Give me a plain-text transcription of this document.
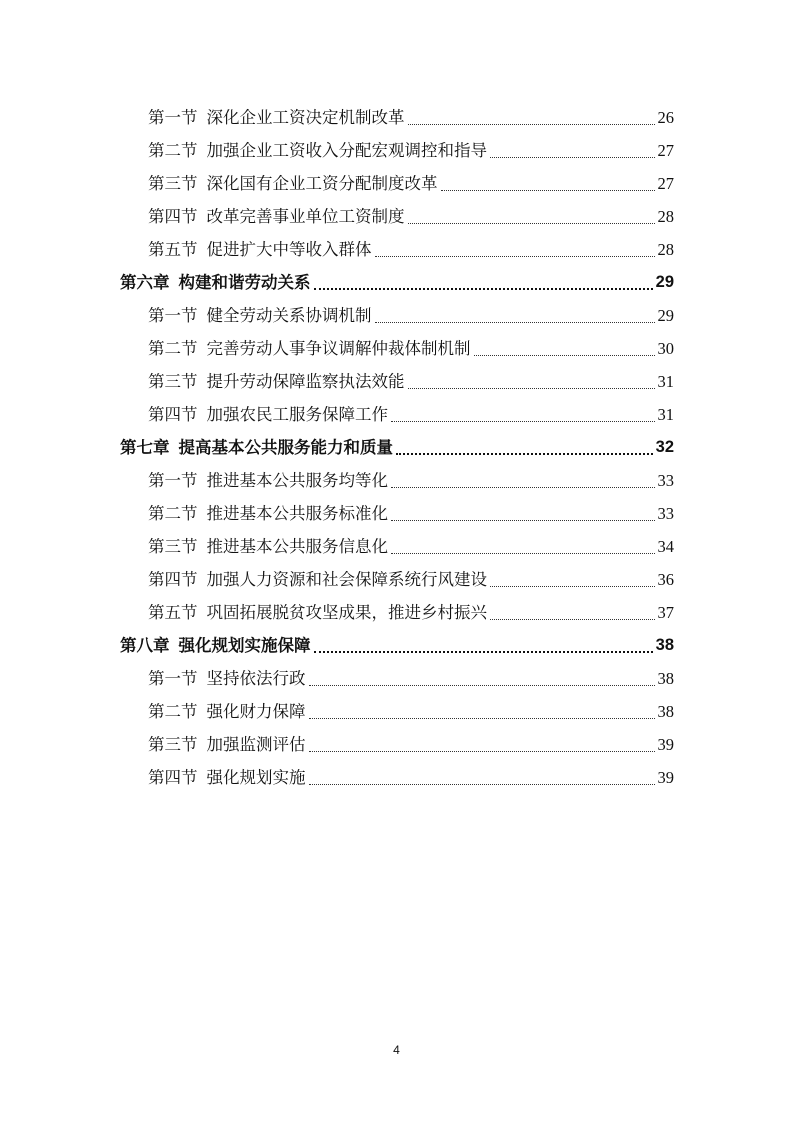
第一节 深化企业工资决定机制改革	26
第二节 加强企业工资收入分配宏观调控和指导	27
第三节 深化国有企业工资分配制度改革	27
第四节 改革完善事业单位工资制度	28
第五节 促进扩大中等收入群体	28
第六章 构建和谐劳动关系	29
第一节 健全劳动关系协调机制	29
第二节 完善劳动人事争议调解仲裁体制机制	30
第三节 提升劳动保障监察执法效能	31
第四节 加强农民工服务保障工作	31
第七章 提高基本公共服务能力和质量	32
第一节 推进基本公共服务均等化	33
第二节 推进基本公共服务标准化	33
第三节 推进基本公共服务信息化	34
第四节 加强人力资源和社会保障系统行风建设	36
第五节 巩固拓展脱贫攻坚成果，推进乡村振兴	37
第八章 强化规划实施保障	38
第一节 坚持依法行政	38
第二节 强化财力保障	38
第三节 加强监测评估	39
第四节 强化规划实施	39
4
